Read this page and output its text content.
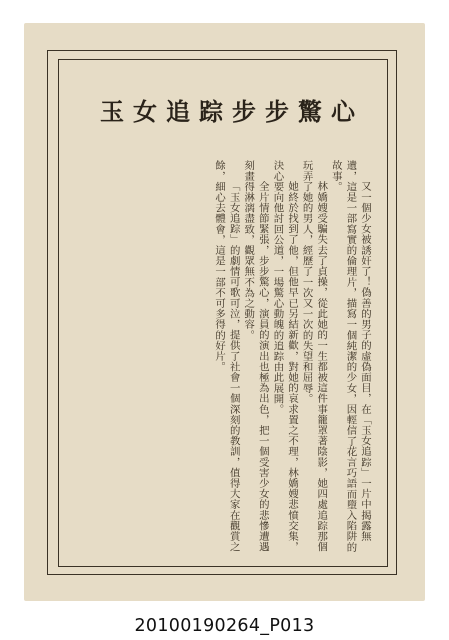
玉女追踪步步驚心

又一個少女被誘奸了！偽善的男子的虛偽面目，在「玉女追踪」一片中揭露無遺，這是一部寫實的倫理片，描寫一個純潔的少女，因輕信了花言巧語而墮入陷阱的故事。

林嬌嫂受騙失去了貞操，從此她的一生都被這件事籠罩著陰影，她四處追踪那個玩弄了她的男人，經歷了一次又一次的失望和屈辱。

她終於找到了他，但他早已另結新歡，對她的哀求置之不理，林嬌嫂悲憤交集，決心要向他討回公道，一場驚心動魄的追踪由此展開。

全片情節緊張，步步驚心，演員的演出也極為出色，把一個受害少女的悲慘遭遇刻畫得淋漓盡致，觀眾無不為之動容。

「玉女追踪」的劇情可歌可泣，提供了社會一個深刻的教訓，值得大家在觀賞之餘，細心去體會，這是一部不可多得的好片。

20100190264_P013
